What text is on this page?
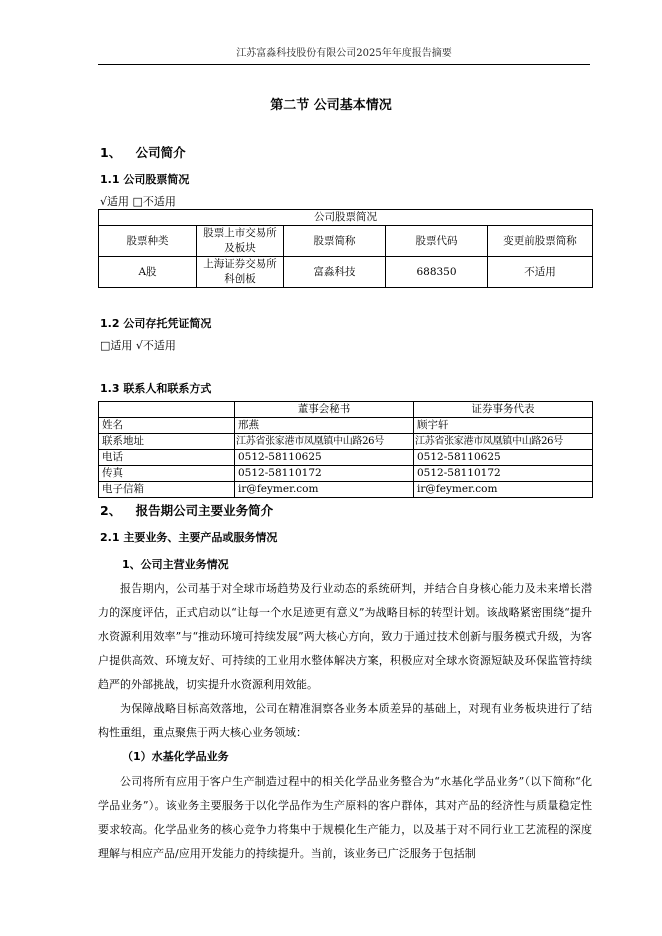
江苏富淼科技股份有限公司2025年年度报告摘要
第二节 公司基本情况
1、 公司简介
1.1 公司股票简况
√适用 □不适用
公司股票简况				
股票种类	股票上市交易所及板块	股票简称	股票代码	变更前股票简称
A股	上海证券交易所科创板	富淼科技	688350	不适用
1.2 公司存托凭证简况
□适用 √不适用
1.3 联系人和联系方式
	董事会秘书	证券事务代表
姓名	邢燕	顾宇轩
联系地址	江苏省张家港市凤凰镇中山路26号	江苏省张家港市凤凰镇中山路26号
电话	0512-58110625	0512-58110625
传真	0512-58110172	0512-58110172
电子信箱	ir@feymer.com	ir@feymer.com
2、 报告期公司主要业务简介
2.1 主要业务、主要产品或服务情况
1、公司主营业务情况

报告期内，公司基于对全球市场趋势及行业动态的系统研判，并结合自身核心能力及未来增长潜力的深度评估，正式启动以“让每一个水足迹更有意义”为战略目标的转型计划。该战略紧密围绕“提升水资源利用效率”与“推动环境可持续发展”两大核心方向，致力于通过技术创新与服务模式升级，为客户提供高效、环境友好、可持续的工业用水整体解决方案，积极应对全球水资源短缺及环保监管持续趋严的外部挑战，切实提升水资源利用效能。

为保障战略目标高效落地，公司在精准洞察各业务本质差异的基础上，对现有业务板块进行了结构性重组，重点聚焦于两大核心业务领域：

（1）水基化学品业务

公司将所有应用于客户生产制造过程中的相关化学品业务整合为“水基化学品业务”（以下简称“化学品业务”）。该业务主要服务于以化学品作为生产原料的客户群体，其对产品的经济性与质量稳定性要求较高。化学品业务的核心竞争力将集中于规模化生产能力，以及基于对不同行业工艺流程的深度理解与相应产品/应用开发能力的持续提升。当前，该业务已广泛服务于包括制
